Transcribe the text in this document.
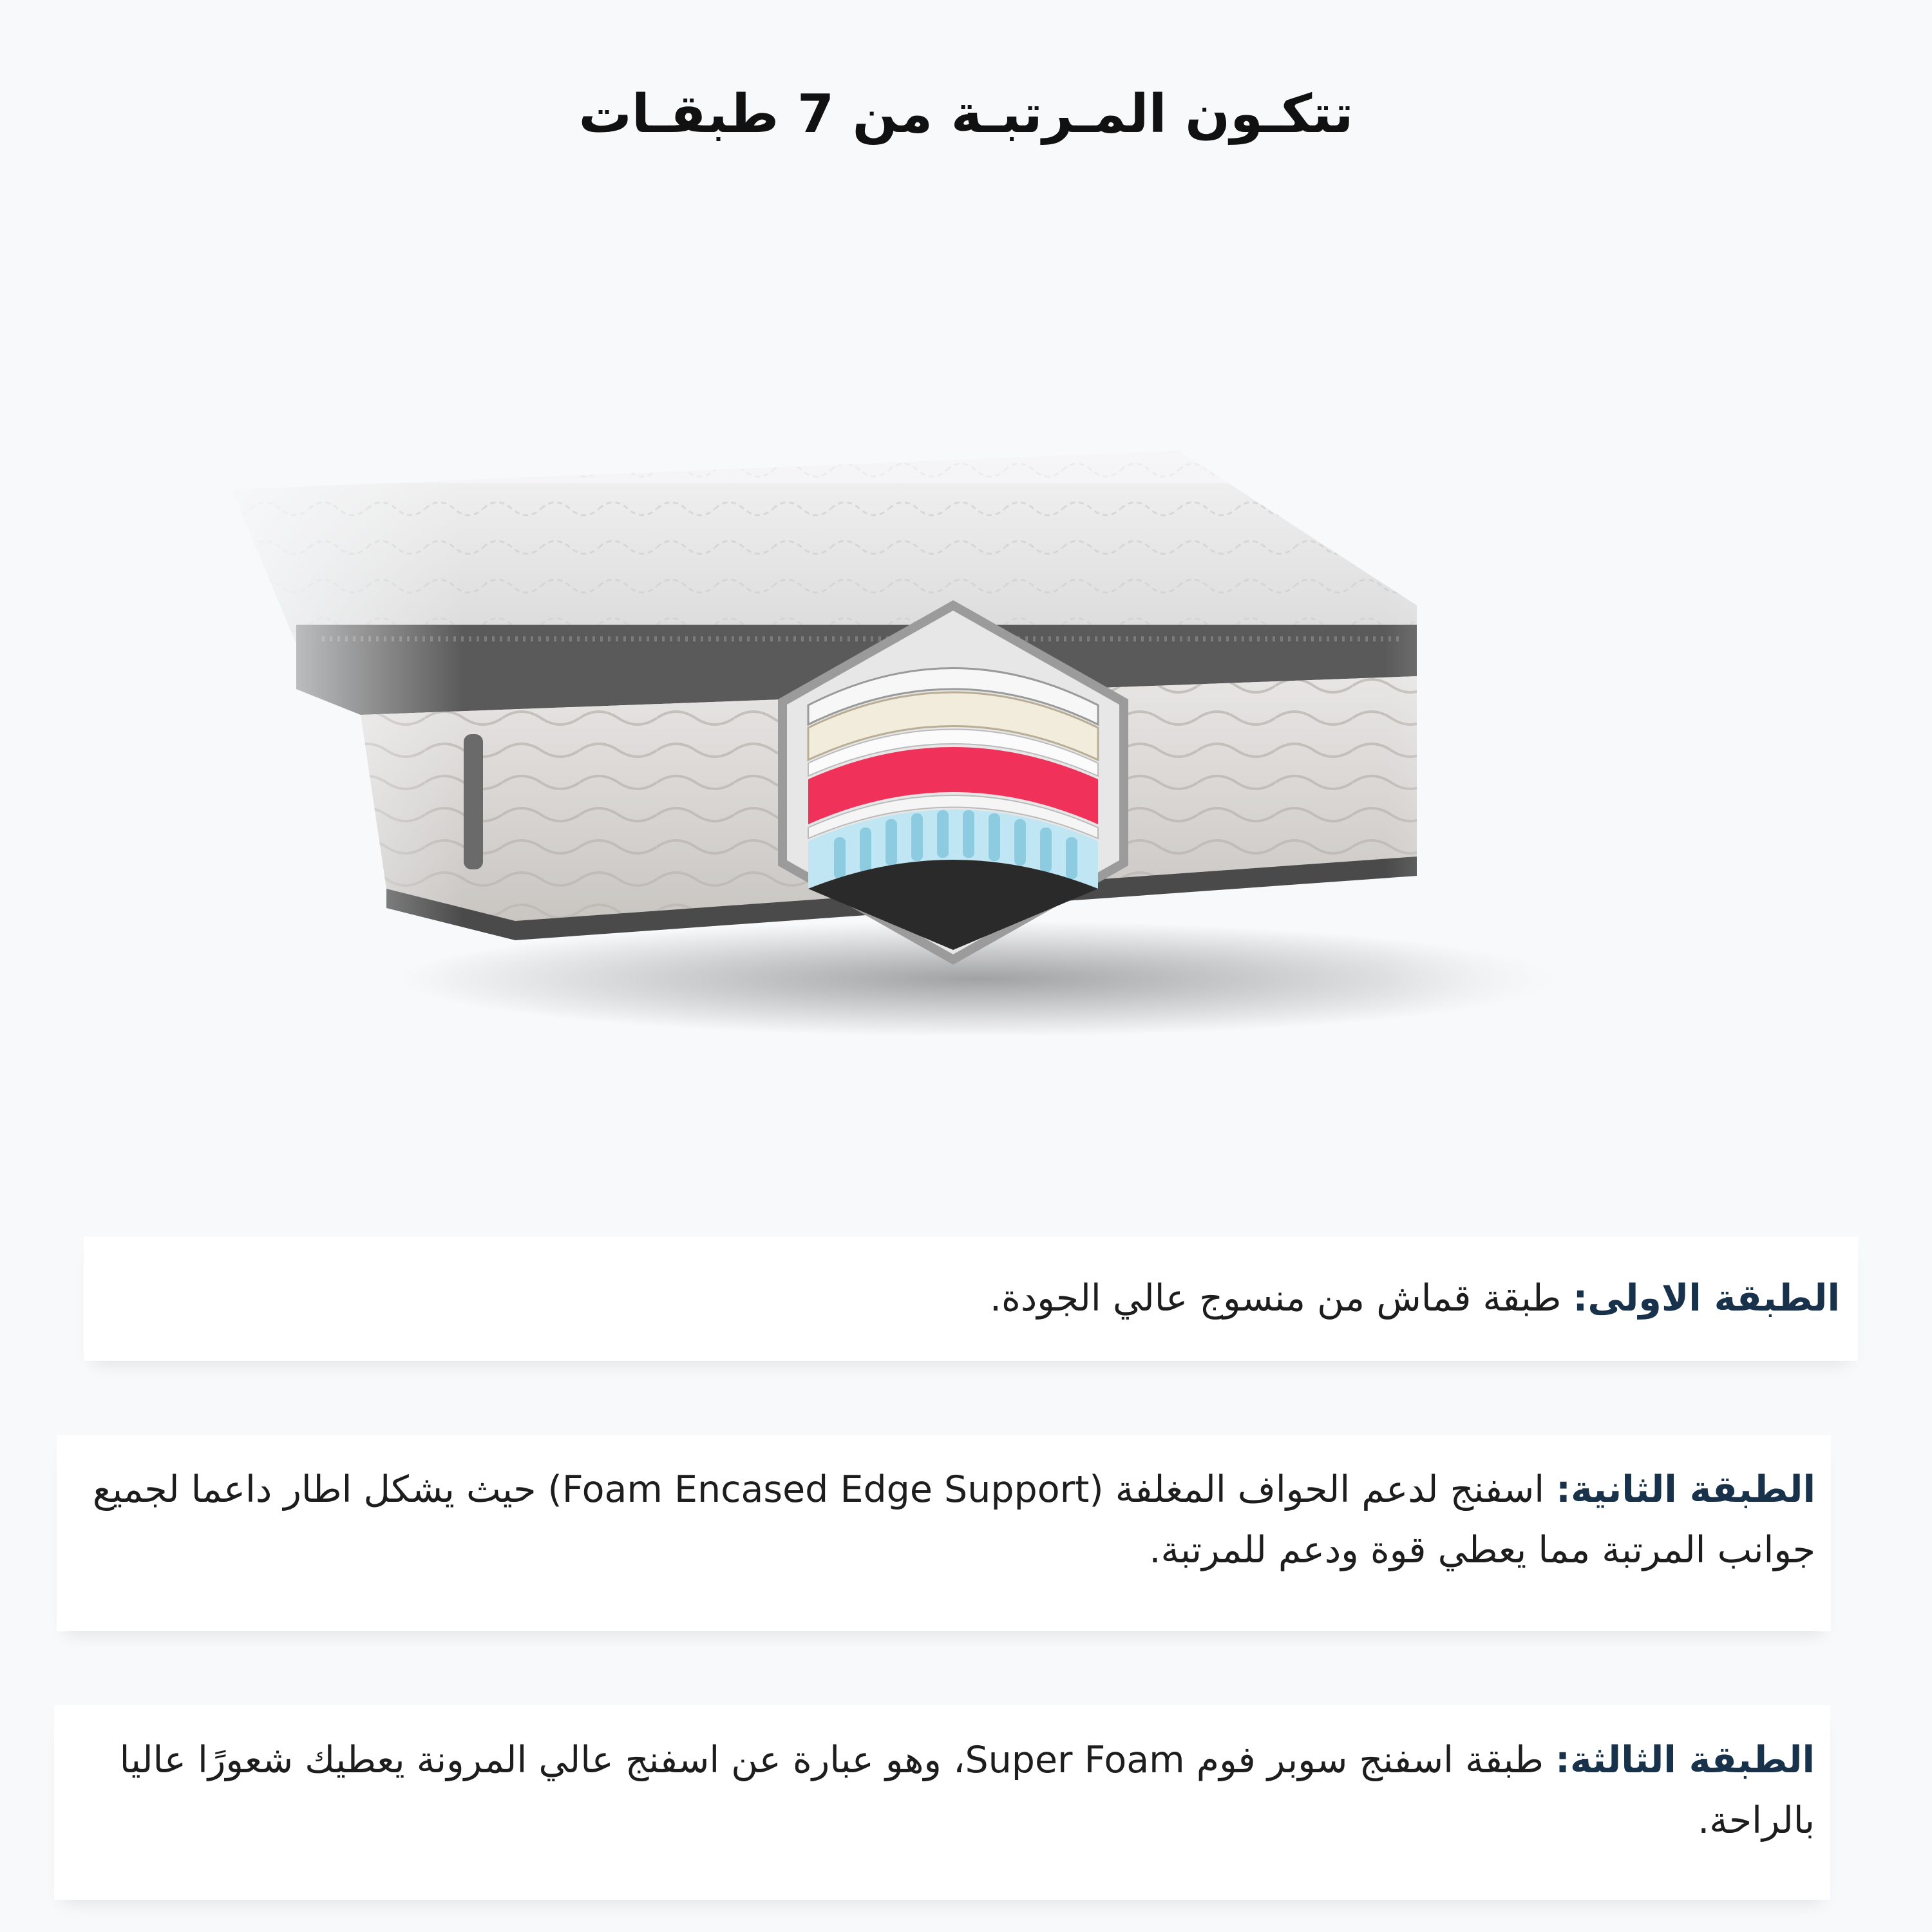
تتكـون المـرتبـة من 7 طبقـات

الطبقة الاولى: طبقة قماش من منسوج عالي الجودة.

الطبقة الثانية: اسفنج لدعم الحواف المغلفة (Foam Encased Edge Support) حيث يشكل اطار داعما لجميع جوانب المرتبة مما يعطي قوة ودعم للمرتبة.

الطبقة الثالثة: طبقة اسفنج سوبر فوم Super Foam، وهو عبارة عن اسفنج عالي المرونة يعطيك شعورًا عاليا بالراحة.
